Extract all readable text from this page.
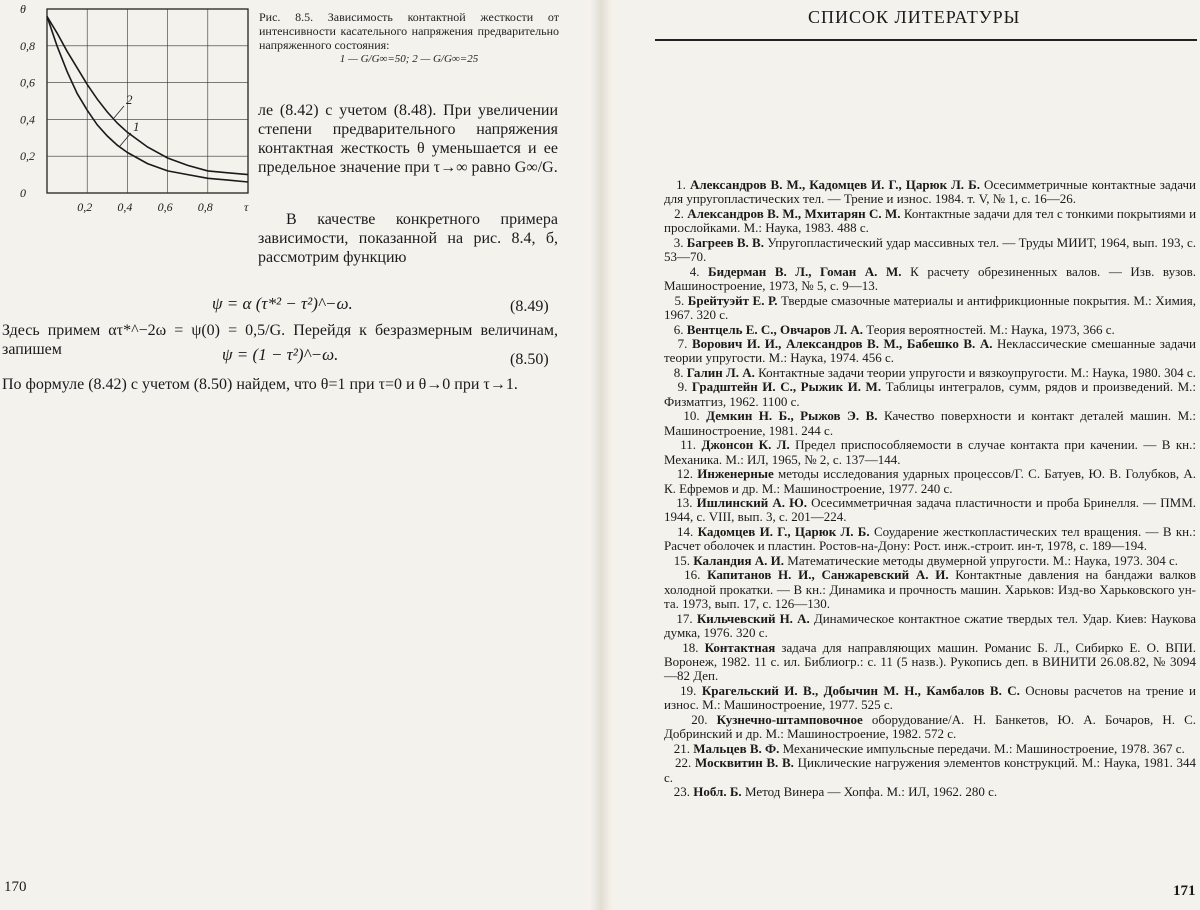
θ
0,8
0,6
0,4
0,2
0
0,2 0,4 0,6 0,8	τ
2
1
Рис. 8.5. Зависимость контактной жесткости от интенсивности касательного напряжения предварительно напряженного состояния:
1 — G/G∞=50; 2 — G/G∞=25
ле (8.42) с учетом (8.48). При увеличении степени предварительного напряжения контактная жесткость θ уменьшается и ее предельное значение при τ→∞ равно G∞/G.
В качестве конкретного примера зависимости, показанной на рис. 8.4, б, рассмотрим функцию
ψ = α (τ*² − τ²)^−ω.	(8.49)
Здесь примем ατ*^−2ω = ψ(0) = 0,5/G. Перейдя к безразмерным величинам, запишем	ψ = (1 − τ²)^−ω.	(8.50)
По формуле (8.42) с учетом (8.50) найдем, что θ=1 при τ=0 и θ→0 при τ→1.
170
СПИСОК ЛИТЕРАТУРЫ
1. Александров В. М., Кадомцев И. Г., Царюк Л. Б. Осесимметричные контактные задачи для упругопластических тел. — Трение и износ. 1984. т. V, № 1, с. 16—26.
2. Александров В. М., Мхитарян С. М. Контактные задачи для тел с тонкими покрытиями и прослойками. М.: Наука, 1983. 488 с.
3. Багреев В. В. Упругопластический удар массивных тел. — Труды МИИТ, 1964, вып. 193, с. 53—70.
4. Бидерман В. Л., Гоман А. М. К расчету обрезиненных валов. — Изв. вузов. Машиностроение, 1973, № 5, с. 9—13.
5. Брейтуэйт Е. Р. Твердые смазочные материалы и антифрикционные покрытия. М.: Химия, 1967. 320 с.
6. Вентцель Е. С., Овчаров Л. А. Теория вероятностей. М.: Наука, 1973, 366 с.
7. Ворович И. И., Александров В. М., Бабешко В. А. Неклассические смешанные задачи теории упругости. М.: Наука, 1974. 456 с.
8. Галин Л. А. Контактные задачи теории упругости и вязкоупругости. М.: Наука, 1980. 304 с.
9. Градштейн И. С., Рыжик И. М. Таблицы интегралов, сумм, рядов и произведений. М.: Физматгиз, 1962. 1100 с.
10. Демкин Н. Б., Рыжов Э. В. Качество поверхности и контакт деталей машин. М.: Машиностроение, 1981. 244 с.
11. Джонсон К. Л. Предел приспособляемости в случае контакта при качении. — В кн.: Механика. М.: ИЛ, 1965, № 2, с. 137—144.
12. Инженерные методы исследования ударных процессов/Г. С. Батуев, Ю. В. Голубков, А. К. Ефремов и др. М.: Машиностроение, 1977. 240 с.
13. Ишлинский А. Ю. Осесимметричная задача пластичности и проба Бринелля. — ПММ. 1944, с. VIII, вып. 3, с. 201—224.
14. Кадомцев И. Г., Царюк Л. Б. Соударение жесткопластических тел вращения. — В кн.: Расчет оболочек и пластин. Ростов-на-Дону: Рост. инж.-строит. ин-т, 1978, с. 189—194.
15. Каландия А. И. Математические методы двумерной упругости. М.: Наука, 1973. 304 с.
16. Капитанов Н. И., Санжаревский А. И. Контактные давления на бандажи валков холодной прокатки. — В кн.: Динамика и прочность машин. Харьков: Изд-во Харьковского ун-та. 1973, вып. 17, с. 126—130.
17. Кильчевский Н. А. Динамическое контактное сжатие твердых тел. Удар. Киев: Наукова думка, 1976. 320 с.
18. Контактная задача для направляющих машин. Романис Б. Л., Сибирко Е. О. ВПИ. Воронеж, 1982. 11 с. ил. Библиогр.: с. 11 (5 назв.). Рукопись деп. в ВИНИТИ 26.08.82, № 3094—82 Деп.
19. Крагельский И. В., Добычин М. Н., Камбалов В. С. Основы расчетов на трение и износ. М.: Машиностроение, 1977. 525 с.
20. Кузнечно-штамповочное оборудование/А. Н. Банкетов, Ю. А. Бочаров, Н. С. Добринский и др. М.: Машиностроение, 1982. 572 с.
21. Мальцев В. Ф. Механические импульсные передачи. М.: Машиностроение, 1978. 367 с.
22. Москвитин В. В. Циклические нагружения элементов конструкций. М.: Наука, 1981. 344 с.
23. Нобл. Б. Метод Винера — Хопфа. М.: ИЛ, 1962. 280 с.
171
